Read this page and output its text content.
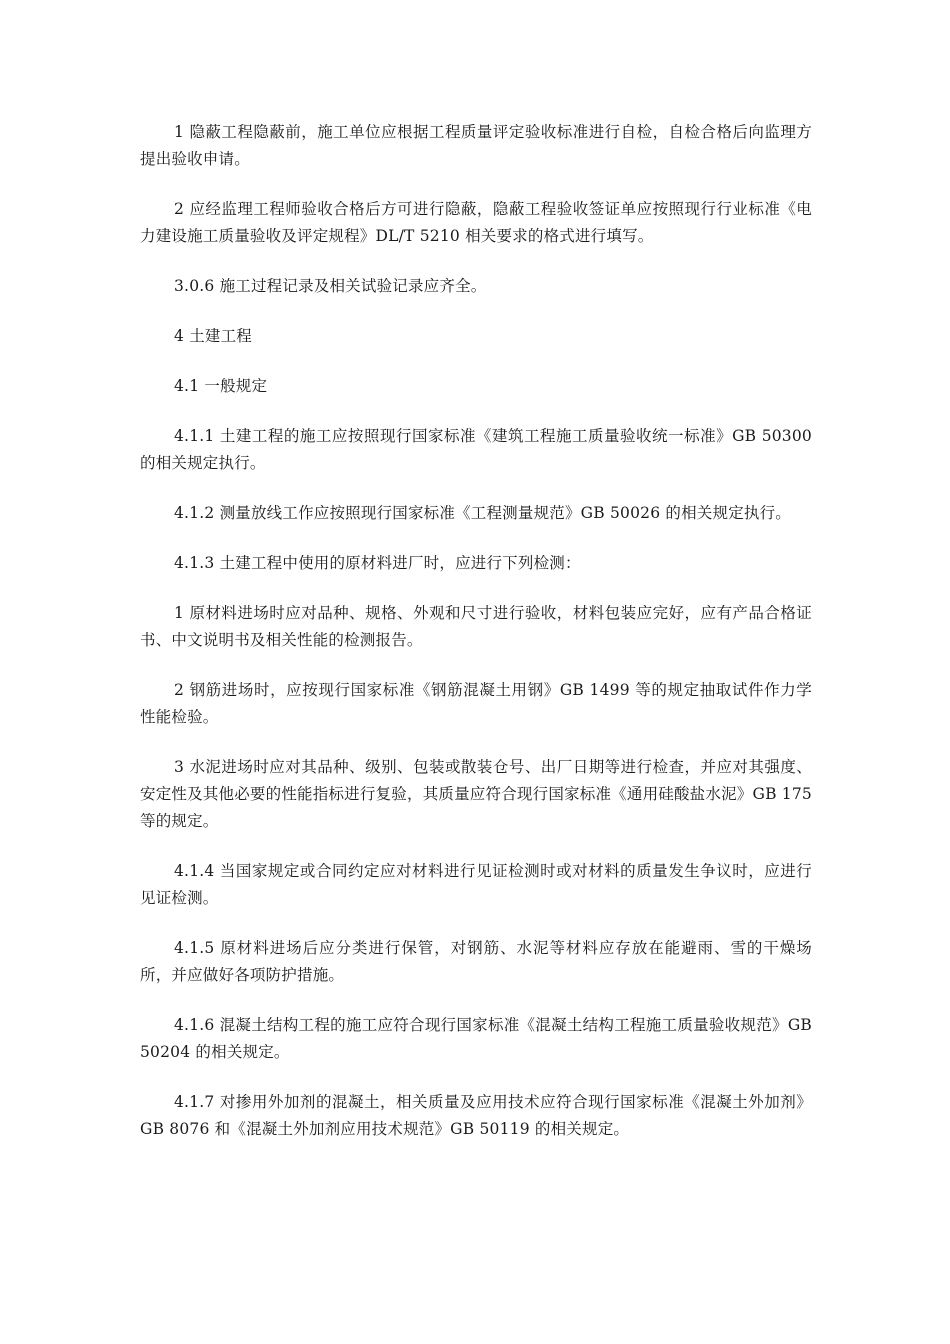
1 隐蔽工程隐蔽前，施工单位应根据工程质量评定验收标准进行自检，自检合格后向监理方提出验收申请。

2 应经监理工程师验收合格后方可进行隐蔽，隐蔽工程验收签证单应按照现行行业标准《电力建设施工质量验收及评定规程》DL/T 5210 相关要求的格式进行填写。

3.0.6 施工过程记录及相关试验记录应齐全。

4 土建工程

4.1 一般规定

4.1.1 土建工程的施工应按照现行国家标准《建筑工程施工质量验收统一标准》GB 50300 的相关规定执行。

4.1.2 测量放线工作应按照现行国家标准《工程测量规范》GB 50026 的相关规定执行。

4.1.3 土建工程中使用的原材料进厂时，应进行下列检测：

1 原材料进场时应对品种、规格、外观和尺寸进行验收，材料包装应完好，应有产品合格证书、中文说明书及相关性能的检测报告。

2 钢筋进场时，应按现行国家标准《钢筋混凝土用钢》GB 1499 等的规定抽取试件作力学性能检验。

3 水泥进场时应对其品种、级别、包装或散装仓号、出厂日期等进行检查，并应对其强度、安定性及其他必要的性能指标进行复验，其质量应符合现行国家标准《通用硅酸盐水泥》GB 175 等的规定。

4.1.4 当国家规定或合同约定应对材料进行见证检测时或对材料的质量发生争议时，应进行见证检测。

4.1.5 原材料进场后应分类进行保管，对钢筋、水泥等材料应存放在能避雨、雪的干燥场所，并应做好各项防护措施。

4.1.6 混凝土结构工程的施工应符合现行国家标准《混凝土结构工程施工质量验收规范》GB 50204 的相关规定。

4.1.7 对掺用外加剂的混凝土，相关质量及应用技术应符合现行国家标准《混凝土外加剂》GB 8076 和《混凝土外加剂应用技术规范》GB 50119 的相关规定。
